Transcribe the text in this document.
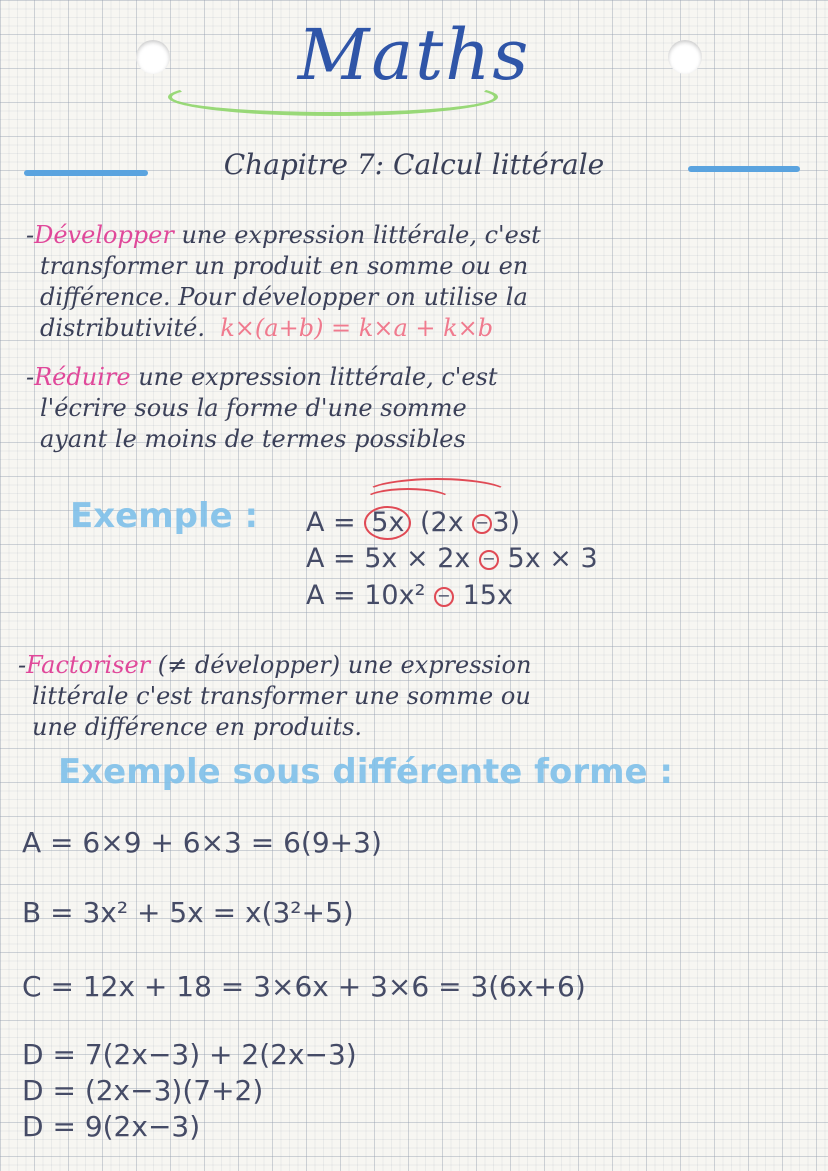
Maths
Chapitre 7: Calcul littérale
-Développer une expression littérale, c'est
transformer un produit en somme ou en
différence. Pour développer on utilise la
distributivité. k×(a+b) = k×a + k×b
-Réduire une expression littérale, c'est
l'écrire sous la forme d'une somme
ayant le moins de termes possibles
Exemple : A = 5x (2x − 3)
A = 5x × 2x − 5x × 3
A = 10x² − 15x
-Factoriser (≠ développer) une expression
littérale c'est transformer une somme ou
une différence en produits.
Exemple sous différente forme :
A = 6×9 + 6×3 = 6(9+3)
B = 3x² + 5x = x(3²+5)
C = 12x + 18 = 3×6x + 3×6 = 3(6x+6)
D = 7(2x−3) + 2(2x−3)
D = (2x−3)(7+2)
D = 9(2x−3)
